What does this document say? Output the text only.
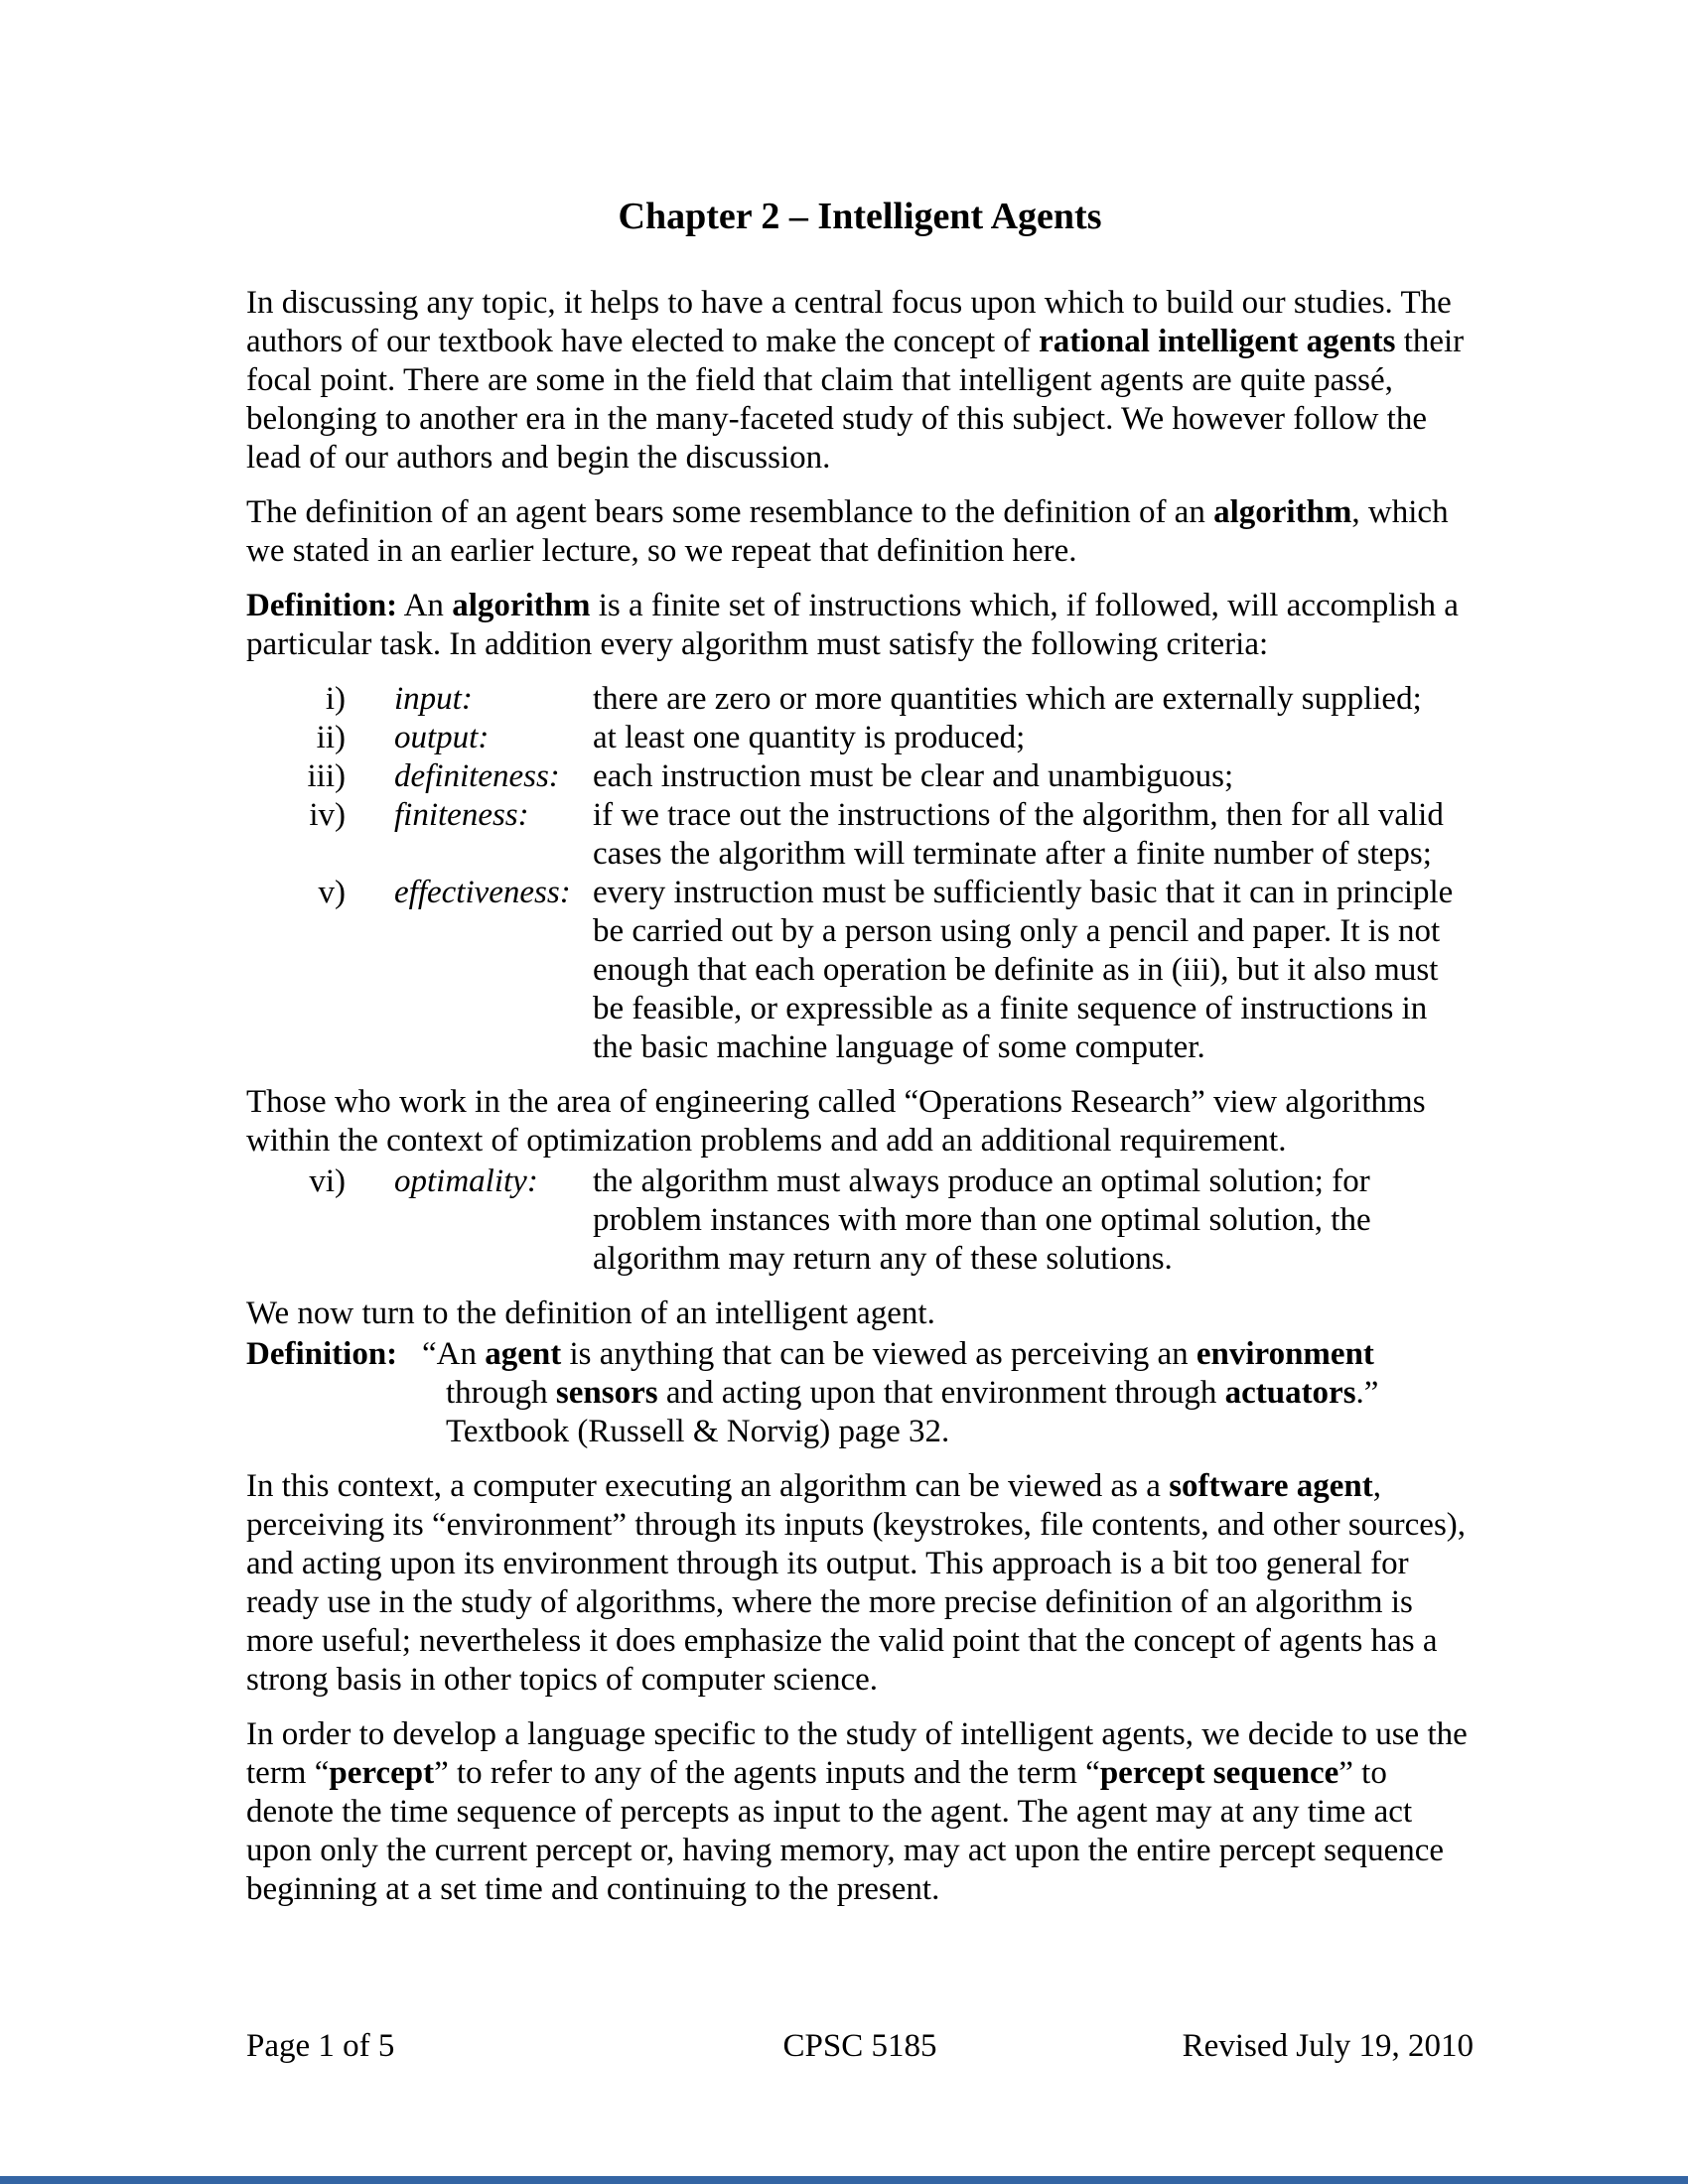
Chapter 2 – Intelligent Agents

In discussing any topic, it helps to have a central focus upon which to build our studies. The authors of our textbook have elected to make the concept of rational intelligent agents their focal point. There are some in the field that claim that intelligent agents are quite passé, belonging to another era in the many-faceted study of this subject. We however follow the lead of our authors and begin the discussion.

The definition of an agent bears some resemblance to the definition of an algorithm, which we stated in an earlier lecture, so we repeat that definition here.

Definition: An algorithm is a finite set of instructions which, if followed, will accomplish a particular task. In addition every algorithm must satisfy the following criteria:

i)	input:	there are zero or more quantities which are externally supplied;
ii)	output:	at least one quantity is produced;
iii)	definiteness:	each instruction must be clear and unambiguous;
iv)	finiteness:	if we trace out the instructions of the algorithm, then for all valid cases the algorithm will terminate after a finite number of steps;
v)	effectiveness: every instruction must be sufficiently basic that it can in principle be carried out by a person using only a pencil and paper. It is not enough that each operation be definite as in (iii), but it also must be feasible, or expressible as a finite sequence of instructions in the basic machine language of some computer.

Those who work in the area of engineering called “Operations Research” view algorithms within the context of optimization problems and add an additional requirement.

vi)	optimality:	the algorithm must always produce an optimal solution; for problem instances with more than one optimal solution, the algorithm may return any of these solutions.

We now turn to the definition of an intelligent agent.

Definition: “An agent is anything that can be viewed as perceiving an environment through sensors and acting upon that environment through actuators.”
Textbook (Russell & Norvig) page 32.

In this context, a computer executing an algorithm can be viewed as a software agent, perceiving its “environment” through its inputs (keystrokes, file contents, and other sources), and acting upon its environment through its output. This approach is a bit too general for ready use in the study of algorithms, where the more precise definition of an algorithm is more useful; nevertheless it does emphasize the valid point that the concept of agents has a strong basis in other topics of computer science.

In order to develop a language specific to the study of intelligent agents, we decide to use the term “percept” to refer to any of the agents inputs and the term “percept sequence” to denote the time sequence of percepts as input to the agent. The agent may at any time act upon only the current percept or, having memory, may act upon the entire percept sequence beginning at a set time and continuing to the present.

Page 1 of 5	CPSC 5185	Revised July 19, 2010
